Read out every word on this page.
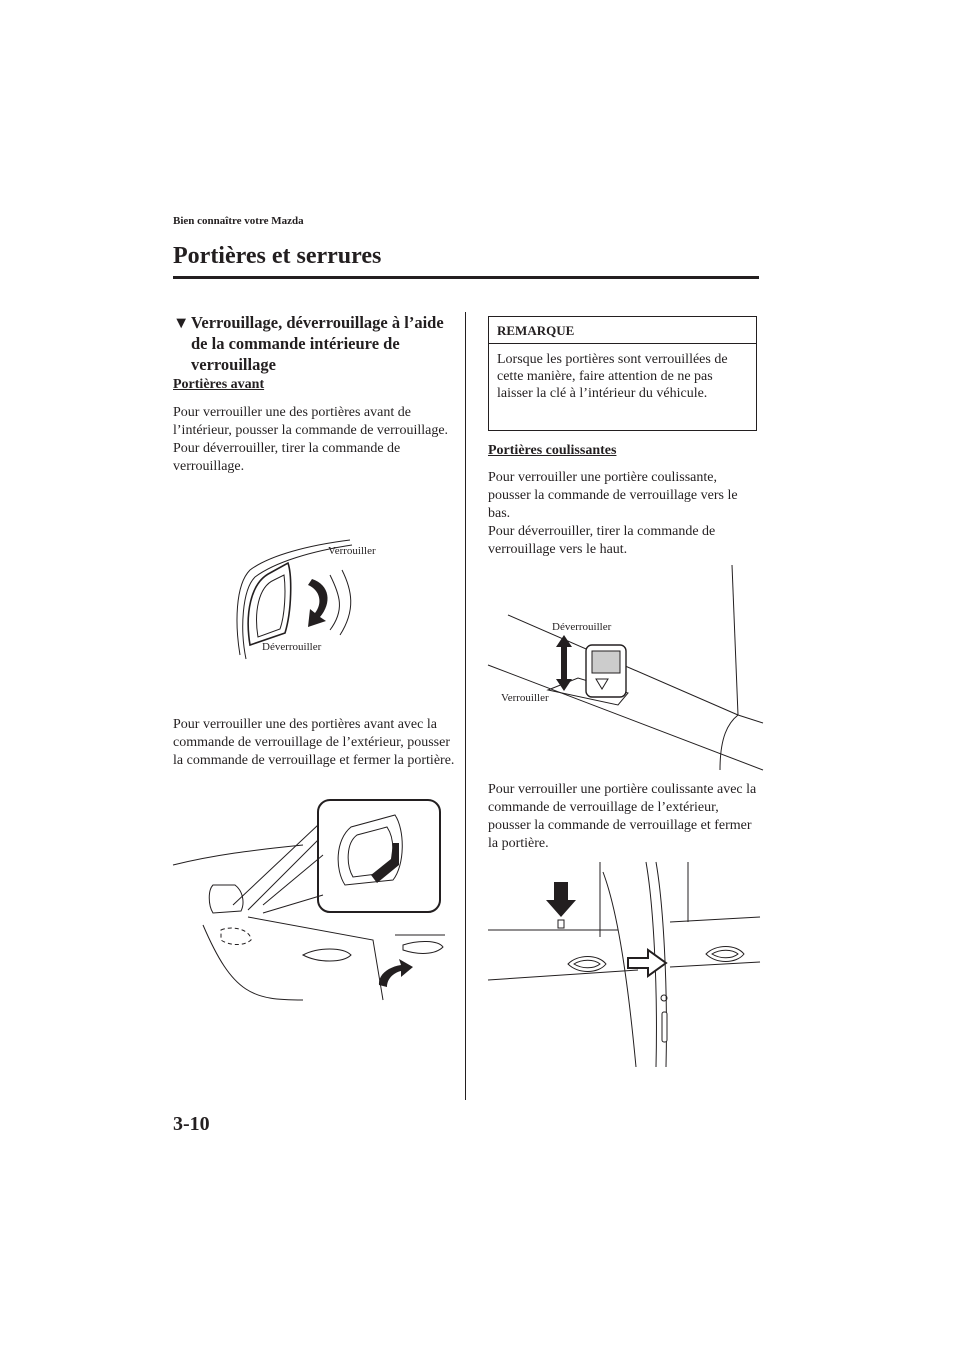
Bien connaître votre Mazda
Portières et serrures
▼ Verrouillage, déverrouillage à l’aide de la commande intérieure de verrouillage
Portières avant
Pour verrouiller une des portières avant de l’intérieur, pousser la commande de verrouillage.
Pour déverrouiller, tirer la commande de verrouillage.
Verrouiller
Déverrouiller
Pour verrouiller une des portières avant avec la commande de verrouillage de l’extérieur, pousser la commande de verrouillage et fermer la portière.
REMARQUE
Lorsque les portières sont verrouillées de cette manière, faire attention de ne pas laisser la clé à l’intérieur du véhicule.
Portières coulissantes
Pour verrouiller une portière coulissante, pousser la commande de verrouillage vers le bas.
Pour déverrouiller, tirer la commande de verrouillage vers le haut.
Déverrouiller
Verrouiller
Pour verrouiller une portière coulissante avec la commande de verrouillage de l’extérieur, pousser la commande de verrouillage et fermer la portière.
3-10
